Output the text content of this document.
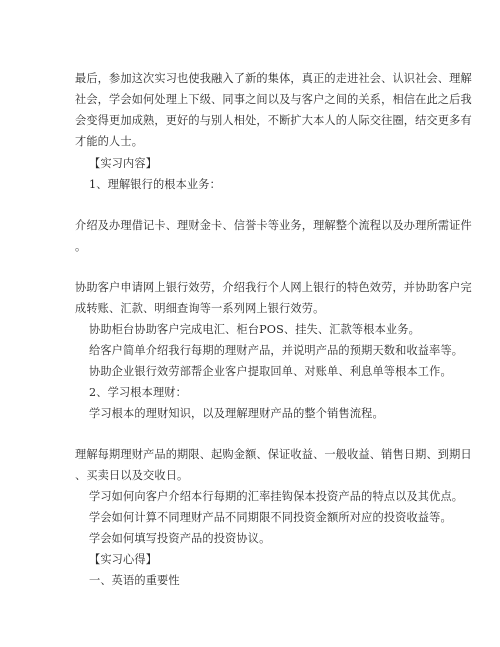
最后，参加这次实习也使我融入了新的集体，真正的走进社会、认识社会、理解
社会，学会如何处理上下级、同事之间以及与客户之间的关系，相信在此之后我
会变得更加成熟，更好的与别人相处，不断扩大本人的人际交往圈，结交更多有
才能的人士。
【实习内容】
1、理解银行的根本业务：
介绍及办理借记卡、理财金卡、信誉卡等业务，理解整个流程以及办理所需证件
。
协助客户申请网上银行效劳，介绍我行个人网上银行的特色效劳，并协助客户完
成转账、汇款、明细查询等一系列网上银行效劳。
协助柜台协助客户完成电汇、柜台POS、挂失、汇款等根本业务。
给客户简单介绍我行每期的理财产品，并说明产品的预期天数和收益率等。
协助企业银行效劳部帮企业客户提取回单、对账单、利息单等根本工作。
2、学习根本理财：
学习根本的理财知识，以及理解理财产品的整个销售流程。
理解每期理财产品的期限、起购金额、保证收益、一般收益、销售日期、到期日
、买卖日以及交收日。
学习如何向客户介绍本行每期的汇率挂钩保本投资产品的特点以及其优点。
学会如何计算不同理财产品不同期限不同投资金额所对应的投资收益等。
学会如何填写投资产品的投资协议。
【实习心得】
一、英语的重要性
